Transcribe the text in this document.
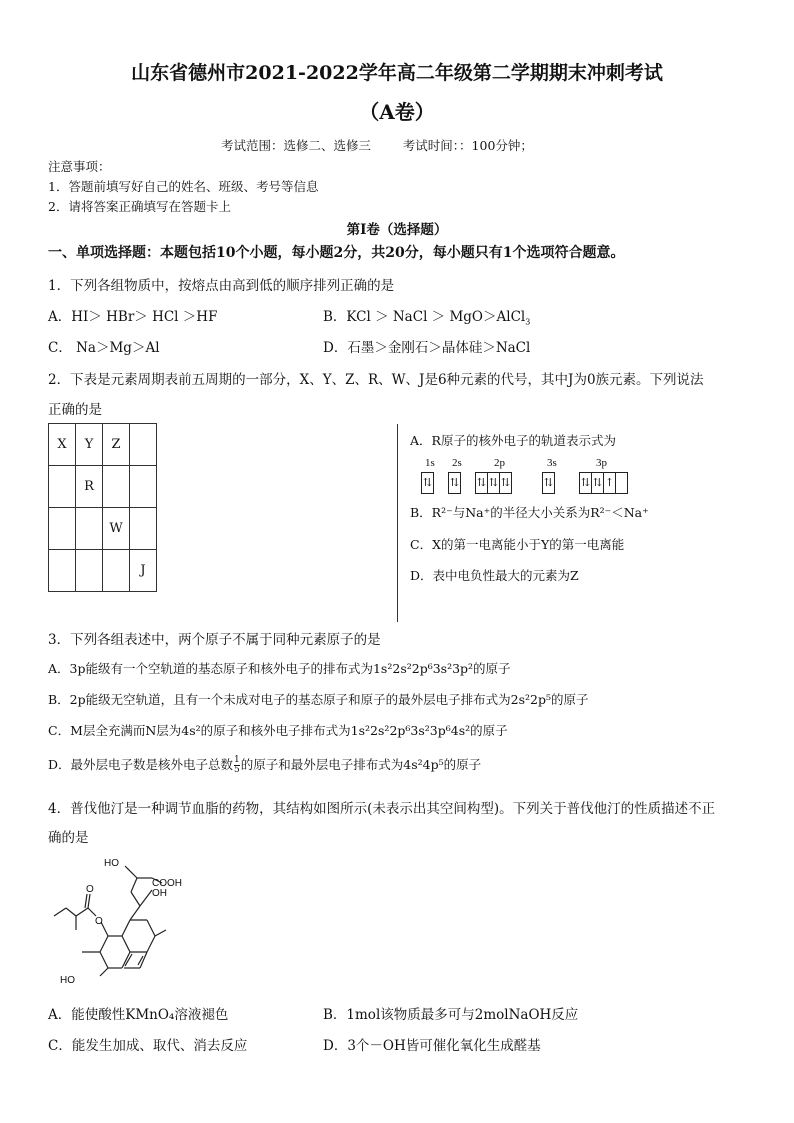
山东省德州市2021-2022学年高二年级第二学期期末冲刺考试
（A卷）
考试范围：选修二、选修三        考试时间：：100分钟；
注意事项：
1．答题前填写好自己的姓名、班级、考号等信息
2．请将答案正确填写在答题卡上
第I卷（选择题）
一、单项选择题：本题包括10个小题，每小题2分，共20分，每小题只有1个选项符合题意。
1．下列各组物质中，按熔点由高到低的顺序排列正确的是
A．HI＞ HBr＞ HCl ＞HF	B．KCl ＞ NaCl ＞ MgO＞AlCl$_3$
C． Na＞Mg＞Al	D．石墨＞金刚石＞晶体硅＞NaCl
2．下表是元素周期表前五周期的一部分，X、Y、Z、R、W、J是6种元素的代号，其中J为0族元素。下列说法
正确的是
X	Y	Z	
	R		
		W	
			J
A．R原子的核外电子的轨道表示式为
1s 2s	2p	3s	3p
⇅ ⇅ ⇅ ⇅ ⇅	⇅	⇅ ⇅ ↑
B．R²⁻与Na⁺的半径大小关系为R²⁻＜Na⁺
C．X的第一电离能小于Y的第一电离能
D．表中电负性最大的元素为Z
3．下列各组表述中，两个原子不属于同种元素原子的是
A．3p能级有一个空轨道的基态原子和核外电子的排布式为1s²2s²2p⁶3s²3p²的原子
B．2p能级无空轨道，且有一个未成对电子的基态原子和原子的最外层电子排布式为2s²2p⁵的原子
C．M层全充满而N层为4s²的原子和核外电子排布式为1s²2s²2p⁶3s²3p⁶4s²的原子
D．最外层电子数是核外电子总数 $\frac{1}{5}$ 的原子和最外层电子排布式为4s²4p⁵的原子
4．普伐他汀是一种调节血脂的药物，其结构如图所示(未表示出其空间构型)。下列关于普伐他汀的性质描述不正
确的是
HO
COOH
OH
O
O
HO
A．能使酸性KMnO₄溶液褪色	B．1mol该物质最多可与2molNaOH反应
C．能发生加成、取代、消去反应	D．3个－OH皆可催化氧化生成醛基
